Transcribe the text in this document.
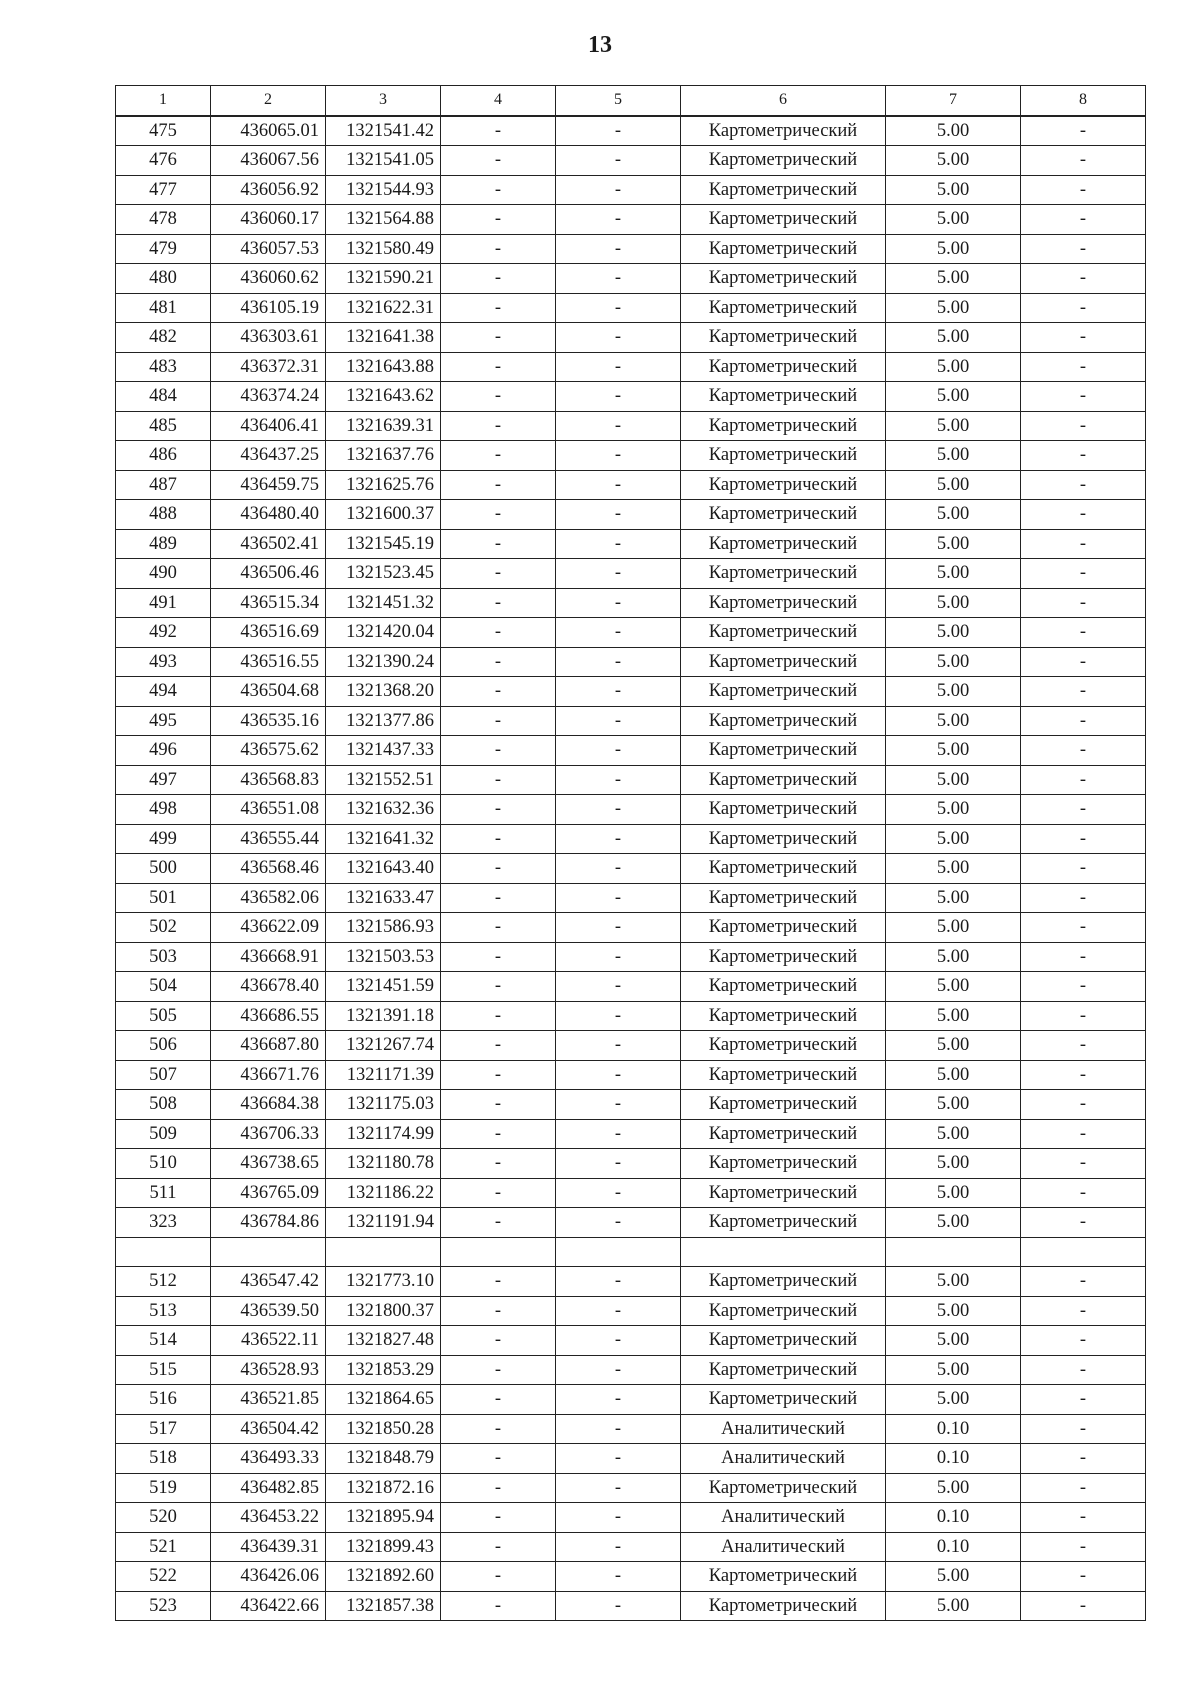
13
1	2	3	4	5	6	7	8
475	436065.01	1321541.42	-	-	Картометрический	5.00	-
476	436067.56	1321541.05	-	-	Картометрический	5.00	-
477	436056.92	1321544.93	-	-	Картометрический	5.00	-
478	436060.17	1321564.88	-	-	Картометрический	5.00	-
479	436057.53	1321580.49	-	-	Картометрический	5.00	-
480	436060.62	1321590.21	-	-	Картометрический	5.00	-
481	436105.19	1321622.31	-	-	Картометрический	5.00	-
482	436303.61	1321641.38	-	-	Картометрический	5.00	-
483	436372.31	1321643.88	-	-	Картометрический	5.00	-
484	436374.24	1321643.62	-	-	Картометрический	5.00	-
485	436406.41	1321639.31	-	-	Картометрический	5.00	-
486	436437.25	1321637.76	-	-	Картометрический	5.00	-
487	436459.75	1321625.76	-	-	Картометрический	5.00	-
488	436480.40	1321600.37	-	-	Картометрический	5.00	-
489	436502.41	1321545.19	-	-	Картометрический	5.00	-
490	436506.46	1321523.45	-	-	Картометрический	5.00	-
491	436515.34	1321451.32	-	-	Картометрический	5.00	-
492	436516.69	1321420.04	-	-	Картометрический	5.00	-
493	436516.55	1321390.24	-	-	Картометрический	5.00	-
494	436504.68	1321368.20	-	-	Картометрический	5.00	-
495	436535.16	1321377.86	-	-	Картометрический	5.00	-
496	436575.62	1321437.33	-	-	Картометрический	5.00	-
497	436568.83	1321552.51	-	-	Картометрический	5.00	-
498	436551.08	1321632.36	-	-	Картометрический	5.00	-
499	436555.44	1321641.32	-	-	Картометрический	5.00	-
500	436568.46	1321643.40	-	-	Картометрический	5.00	-
501	436582.06	1321633.47	-	-	Картометрический	5.00	-
502	436622.09	1321586.93	-	-	Картометрический	5.00	-
503	436668.91	1321503.53	-	-	Картометрический	5.00	-
504	436678.40	1321451.59	-	-	Картометрический	5.00	-
505	436686.55	1321391.18	-	-	Картометрический	5.00	-
506	436687.80	1321267.74	-	-	Картометрический	5.00	-
507	436671.76	1321171.39	-	-	Картометрический	5.00	-
508	436684.38	1321175.03	-	-	Картометрический	5.00	-
509	436706.33	1321174.99	-	-	Картометрический	5.00	-
510	436738.65	1321180.78	-	-	Картометрический	5.00	-
511	436765.09	1321186.22	-	-	Картометрический	5.00	-
323	436784.86	1321191.94	-	-	Картометрический	5.00	-

512	436547.42	1321773.10	-	-	Картометрический	5.00	-
513	436539.50	1321800.37	-	-	Картометрический	5.00	-
514	436522.11	1321827.48	-	-	Картометрический	5.00	-
515	436528.93	1321853.29	-	-	Картометрический	5.00	-
516	436521.85	1321864.65	-	-	Картометрический	5.00	-
517	436504.42	1321850.28	-	-	Аналитический	0.10	-
518	436493.33	1321848.79	-	-	Аналитический	0.10	-
519	436482.85	1321872.16	-	-	Картометрический	5.00	-
520	436453.22	1321895.94	-	-	Аналитический	0.10	-
521	436439.31	1321899.43	-	-	Аналитический	0.10	-
522	436426.06	1321892.60	-	-	Картометрический	5.00	-
523	436422.66	1321857.38	-	-	Картометрический	5.00	-
